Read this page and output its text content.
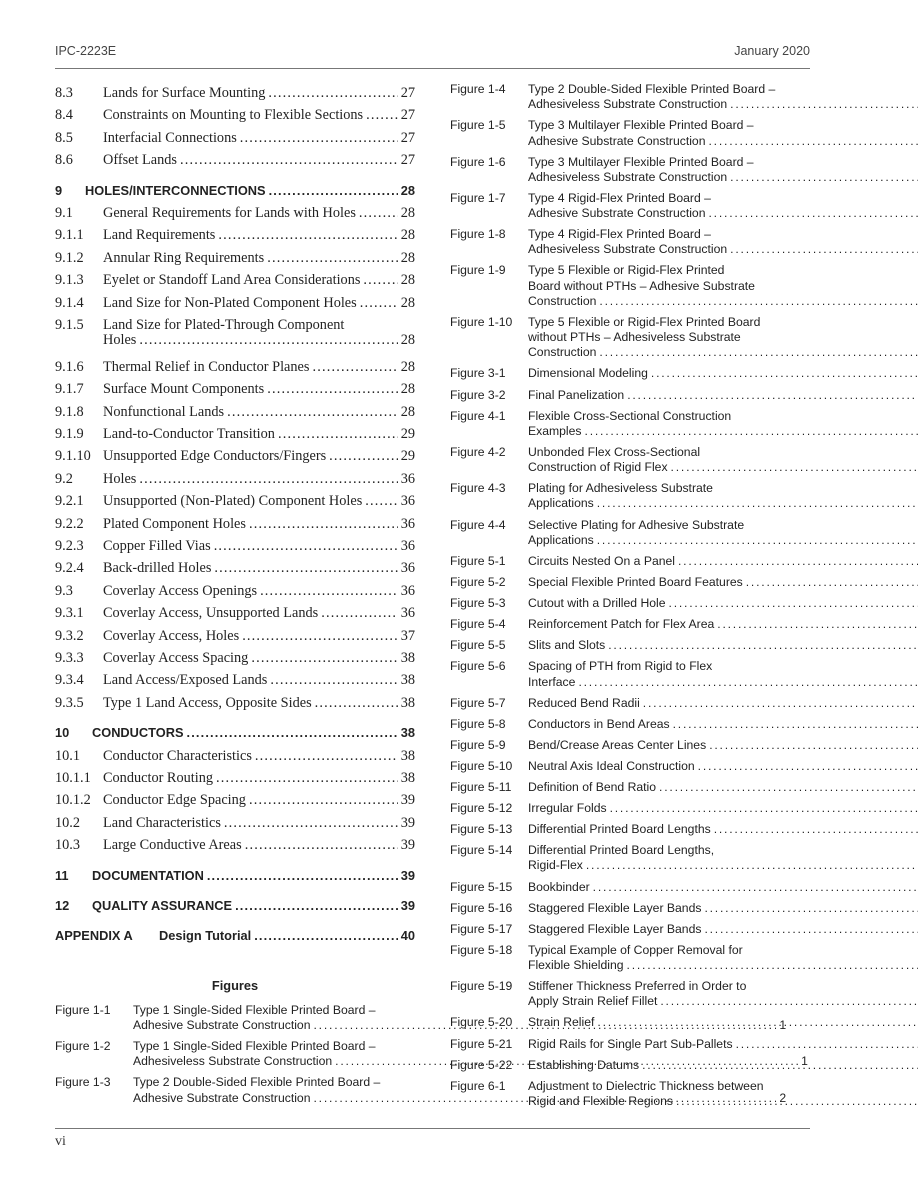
IPC-2223E	January 2020
8.3	Lands for Surface Mounting . . .	27
8.4	Constraints on Mounting to Flexible Sections . . .	27
8.5	Interfacial Connections . . .	27
8.6	Offset Lands . . .	27
9	HOLES/INTERCONNECTIONS . . .	28
9.1	General Requirements for Lands with Holes . . .	28
9.1.1	Land Requirements . . .	28
9.1.2	Annular Ring Requirements . . .	28
9.1.3	Eyelet or Standoff Land Area Considerations . . .	28
9.1.4	Land Size for Non-Plated Component Holes . . .	28
9.1.5	Land Size for Plated-Through Component
Holes . . .	28
9.1.6	Thermal Relief in Conductor Planes . . .	28
9.1.7	Surface Mount Components . . .	28
9.1.8	Nonfunctional Lands . . .	28
9.1.9	Land-to-Conductor Transition . . .	29
9.1.10 Unsupported Edge Conductors/Fingers . . .	29
9.2	Holes . . .	36
9.2.1	Unsupported (Non-Plated) Component Holes . . .	36
9.2.2	Plated Component Holes . . .	36
9.2.3	Copper Filled Vias . . .	36
9.2.4	Back-drilled Holes . . .	36
9.3	Coverlay Access Openings . . .	36
9.3.1	Coverlay Access, Unsupported Lands . . .	36
9.3.2	Coverlay Access, Holes . . .	37
9.3.3	Coverlay Access Spacing . . .	38
9.3.4	Land Access/Exposed Lands . . .	38
9.3.5	Type 1 Land Access, Opposite Sides . . .	38
10	CONDUCTORS . . .	38
10.1	Conductor Characteristics . . .	38
10.1.1 Conductor Routing . . .	38
10.1.2 Conductor Edge Spacing . . .	39
10.2	Land Characteristics . . .	39
10.3	Large Conductive Areas . . .	39
11	DOCUMENTATION . . .	39
12	QUALITY ASSURANCE . . .	39
APPENDIX A	Design Tutorial . . .	40
Figures
Figure 1-1	Type 1 Single-Sided Flexible Printed Board –
Adhesive Substrate Construction . . .	1
Figure 1-2	Type 1 Single-Sided Flexible Printed Board –
Adhesiveless Substrate Construction . . .	1
Figure 1-3	Type 2 Double-Sided Flexible Printed Board –
Adhesive Substrate Construction . . .	2
Figure 1-4	Type 2 Double-Sided Flexible Printed Board –
Adhesiveless Substrate Construction
. . .
Figure 1-5	Type 3 Multilayer Flexible Printed Board –
Adhesive Substrate Construction
. . .
Figure 1-6	Type 3 Multilayer Flexible Printed Board –
Adhesiveless Substrate Construction
. . .
Figure 1-7	Type 4 Rigid-Flex Printed Board –
Adhesive Substrate Construction
. . .
Figure 1-8	Type 4 Rigid-Flex Printed Board –
Adhesiveless Substrate Construction
. . .
Figure 1-9	Type 5 Flexible or Rigid-Flex Printed
Board without PTHs – Adhesive Substrate
Construction
. . .
Figure 1-10	Type 5 Flexible or Rigid-Flex Printed Board
without PTHs – Adhesiveless Substrate
Construction
. . .
Figure 3-1	Dimensional Modeling
. . .
Figure 3-2	Final Panelization
. . .
Figure 4-1	Flexible Cross-Sectional Construction
Examples
. . .
Figure 4-2	Unbonded Flex Cross-Sectional
Construction of Rigid Flex
. . .
Figure 4-3	Plating for Adhesiveless Substrate
Applications
. . .
Figure 4-4	Selective Plating for Adhesive Substrate
Applications
. . .
Figure 5-1	Circuits Nested On a Panel
. . .
Figure 5-2	Special Flexible Printed Board Features
. . .
Figure 5-3	Cutout with a Drilled Hole
. . .
Figure 5-4	Reinforcement Patch for Flex Area
. . .
Figure 5-5	Slits and Slots
. . .
Figure 5-6	Spacing of PTH from Rigid to Flex
Interface
. . .
Figure 5-7	Reduced Bend Radii
. . .
Figure 5-8	Conductors in Bend Areas
. . .
Figure 5-9	Bend/Crease Areas Center Lines
. . .
Figure 5-10	Neutral Axis Ideal Construction
. . .
Figure 5-11	Definition of Bend Ratio
. . .
Figure 5-12	Irregular Folds
. . .
Figure 5-13	Differential Printed Board Lengths
. . .
Figure 5-14	Differential Printed Board Lengths,
Rigid-Flex
. . .
Figure 5-15	Bookbinder
. . .
Figure 5-16	Staggered Flexible Layer Bands
. . .
Figure 5-17	Staggered Flexible Layer Bands
. . .
Figure 5-18	Typical Example of Copper Removal for
Flexible Shielding
. . .
Figure 5-19	Stiffener Thickness Preferred in Order to
Apply Strain Relief Fillet
. . .
Figure 5-20	Strain Relief
. . .
Figure 5-21	Rigid Rails for Single Part Sub-Pallets
. . .
Figure 5-22	Establishing Datums
. . .
Figure 6-1	Adjustment to Dielectric Thickness between
Rigid and Flexible Regions
. . .
vi
